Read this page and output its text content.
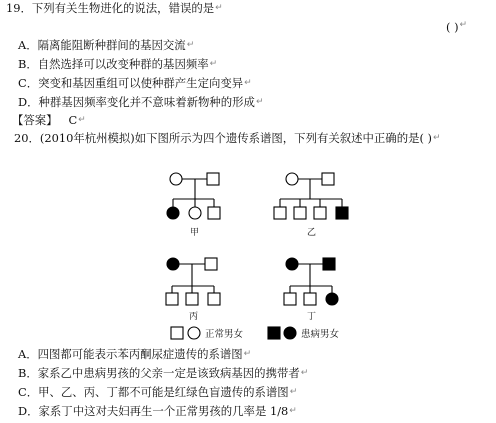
19．下列有关生物进化的说法，错误的是↵
( )↵
A．隔离能阻断种群间的基因交流↵
B．自然选择可以改变种群的基因频率↵
C．突变和基因重组可以使种群产生定向变异↵
D．种群基因频率变化并不意味着新物种的形成↵
【答案】 C↵
20．(2010年杭州模拟)如下图所示为四个遗传系谱图，下列有关叙述中正确的是( )↵
甲	乙
丙	丁
正常男女	患病男女
A．四图都可能表示苯丙酮尿症遗传的系谱图↵
B．家系乙中患病男孩的父亲一定是该致病基因的携带者↵
C．甲、乙、丙、丁都不可能是红绿色盲遗传的系谱图↵
D．家系丁中这对夫妇再生一个正常男孩的几率是 1/8↵
